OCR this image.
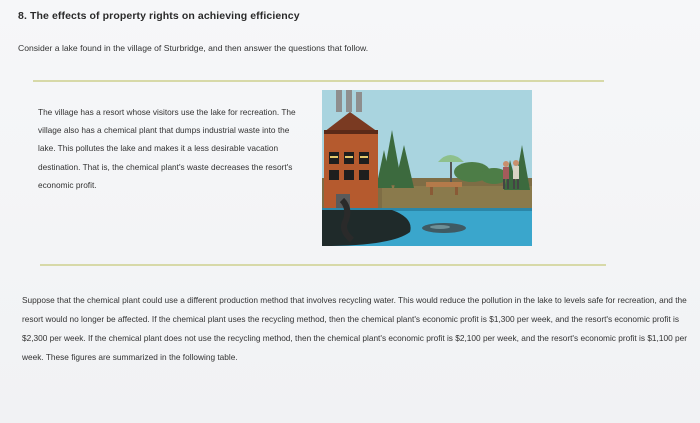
8. The effects of property rights on achieving efficiency
Consider a lake found in the village of Sturbridge, and then answer the questions that follow.
The village has a resort whose visitors use the lake for recreation. The village also has a chemical plant that dumps industrial waste into the lake. This pollutes the lake and makes it a less desirable vacation destination. That is, the chemical plant's waste decreases the resort's economic profit.
Suppose that the chemical plant could use a different production method that involves recycling water. This would reduce the pollution in the lake to levels safe for recreation, and the resort would no longer be affected. If the chemical plant uses the recycling method, then the chemical plant's economic profit is $1,300 per week, and the resort's economic profit is $2,300 per week. If the chemical plant does not use the recycling method, then the chemical plant's economic profit is $2,100 per week, and the resort's economic profit is $1,100 per week. These figures are summarized in the following table.
